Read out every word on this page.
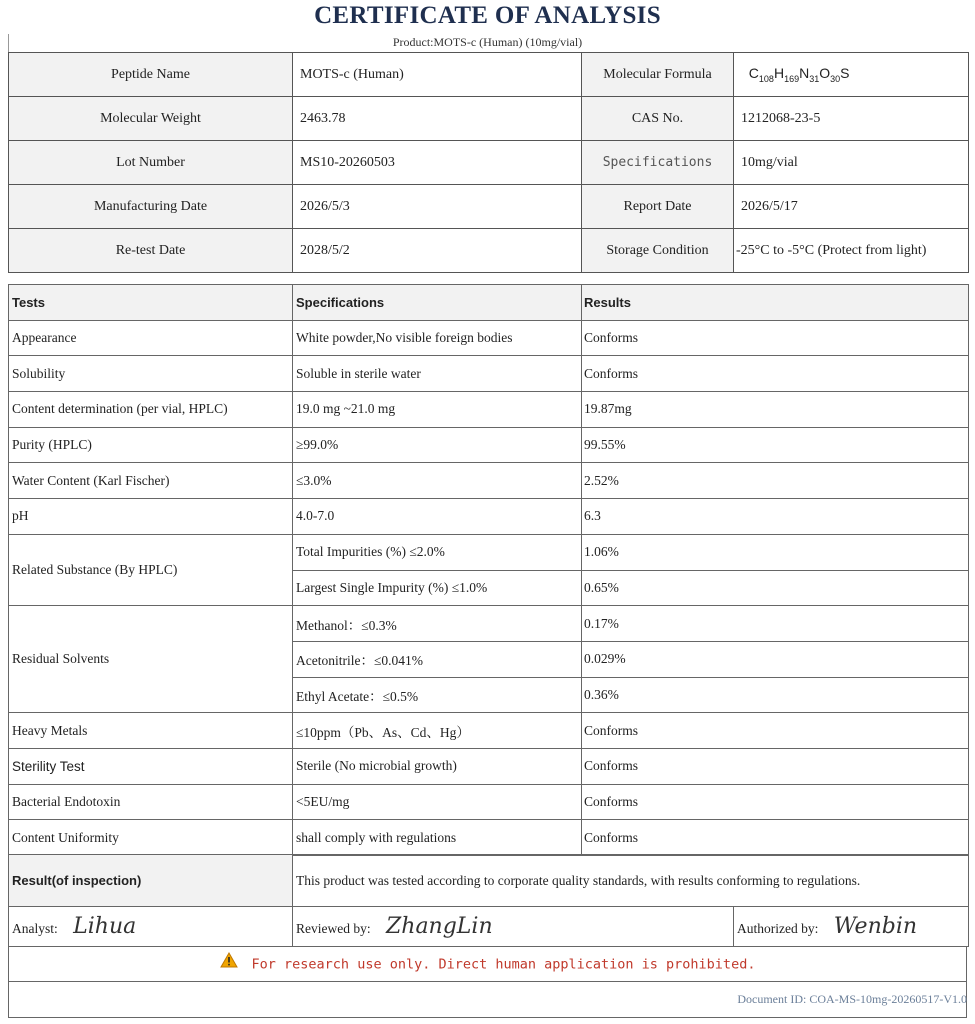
CERTIFICATE OF ANALYSIS
Product:MOTS-c (Human) (10mg/vial)
Peptide Name	MOTS-c (Human)	Molecular Formula	$C_{108}H_{169}N_{31}O_{30}S$
Molecular Weight	2463.78	CAS No.	1212068-23-5
Lot Number	MS10-20260503	Specifications	10mg/vial
Manufacturing Date	2026/5/3	Report Date	2026/5/17
Re-test Date	2028/5/2	Storage Condition	-25°C to -5°C (Protect from light)
Tests	Specifications	Results
Appearance	White powder,No visible foreign bodies	Conforms
Solubility	Soluble in sterile water	Conforms
Content determination (per vial, HPLC)	19.0 mg ~21.0 mg	19.87mg
Purity (HPLC)	≥99.0%	99.55%
Water Content (Karl Fischer)	≤3.0%	2.52%
pH	4.0-7.0	6.3
Related Substance (By HPLC)	Total Impurities (%) ≤2.0%	1.06%
	Largest Single Impurity (%) ≤1.0%	0.65%
Residual Solvents	Methanol：≤0.3%	0.17%
	Acetonitrile：≤0.041%	0.029%
	Ethyl Acetate：≤0.5%	0.36%
Heavy Metals	≤10ppm（Pb、As、Cd、Hg）	Conforms
Sterility Test	Sterile (No microbial growth)	Conforms
Bacterial Endotoxin	<5EU/mg	Conforms
Content Uniformity	shall comply with regulations	Conforms
Result(of inspection)	This product was tested according to corporate quality standards, with results conforming to regulations.
Analyst: Lihua	Reviewed by: ZhangLin	Authorized by: Wenbin
For research use only. Direct human application is prohibited.
Document ID: COA-MS-10mg-20260517-V1.0
